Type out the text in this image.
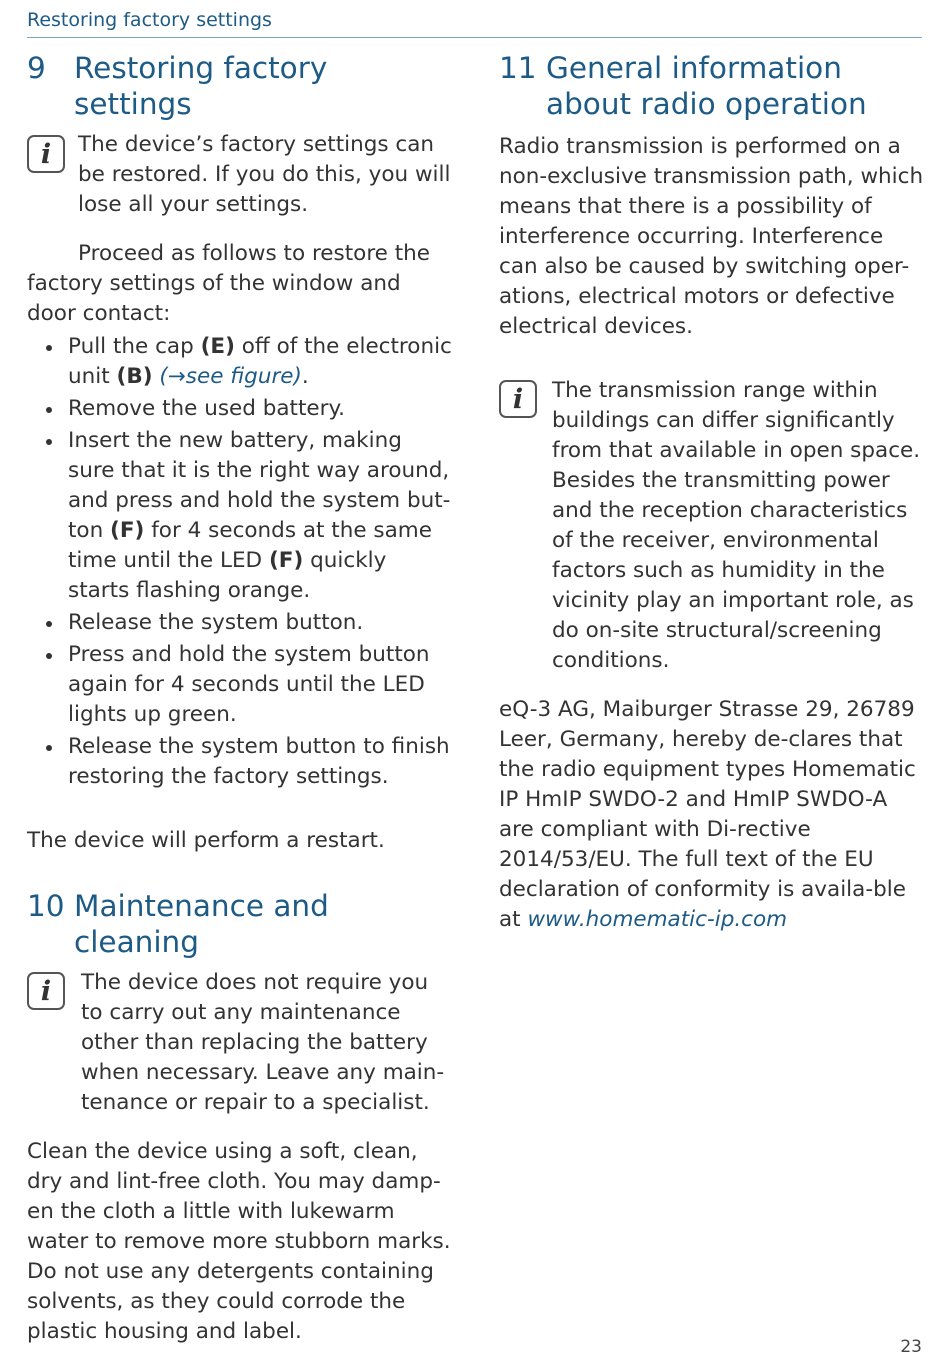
Restoring factory settings
9 Restoring factory settings
i The device’s factory settings can be restored. If you do this, you will lose all your settings.

Proceed as follows to restore the factory settings of the window and door contact:

Pull the cap (E) off of the electronic unit (B) (→see figure).
Remove the used battery.
Insert the new battery, making sure that it is the right way around, and press and hold the system but-ton (F) for 4 seconds at the same time until the LED (F) quickly starts flashing orange.
Release the system button.
Press and hold the system button again for 4 seconds until the LED lights up green.
Release the system button to finish restoring the factory settings.

The device will perform a restart.

10 Maintenance and cleaning
i The device does not require you to carry out any maintenance other than replacing the battery when necessary. Leave any main-tenance or repair to a specialist.

Clean the device using a soft, clean, dry and lint-free cloth. You may damp-en the cloth a little with lukewarm water to remove more stubborn marks. Do not use any detergents containing solvents, as they could corrode the plastic housing and label.

11 General information about radio operation

Radio transmission is performed on a non-exclusive transmission path, which means that there is a possibility of interference occurring. Interference can also be caused by switching oper-ations, electrical motors or defective electrical devices.

i The transmission range within buildings can differ significantly from that available in open space. Besides the transmitting power and the reception characteristics of the receiver, environmental factors such as humidity in the vicinity play an important role, as do on-site structural/screening conditions.

eQ-3 AG, Maiburger Strasse 29, 26789 Leer, Germany, hereby de-clares that the radio equipment types Homematic IP HmIP SWDO-2 and HmIP SWDO-A are compliant with Di-rective 2014/53/EU. The full text of the EU declaration of conformity is availa-ble at www.homematic-ip.com

23
